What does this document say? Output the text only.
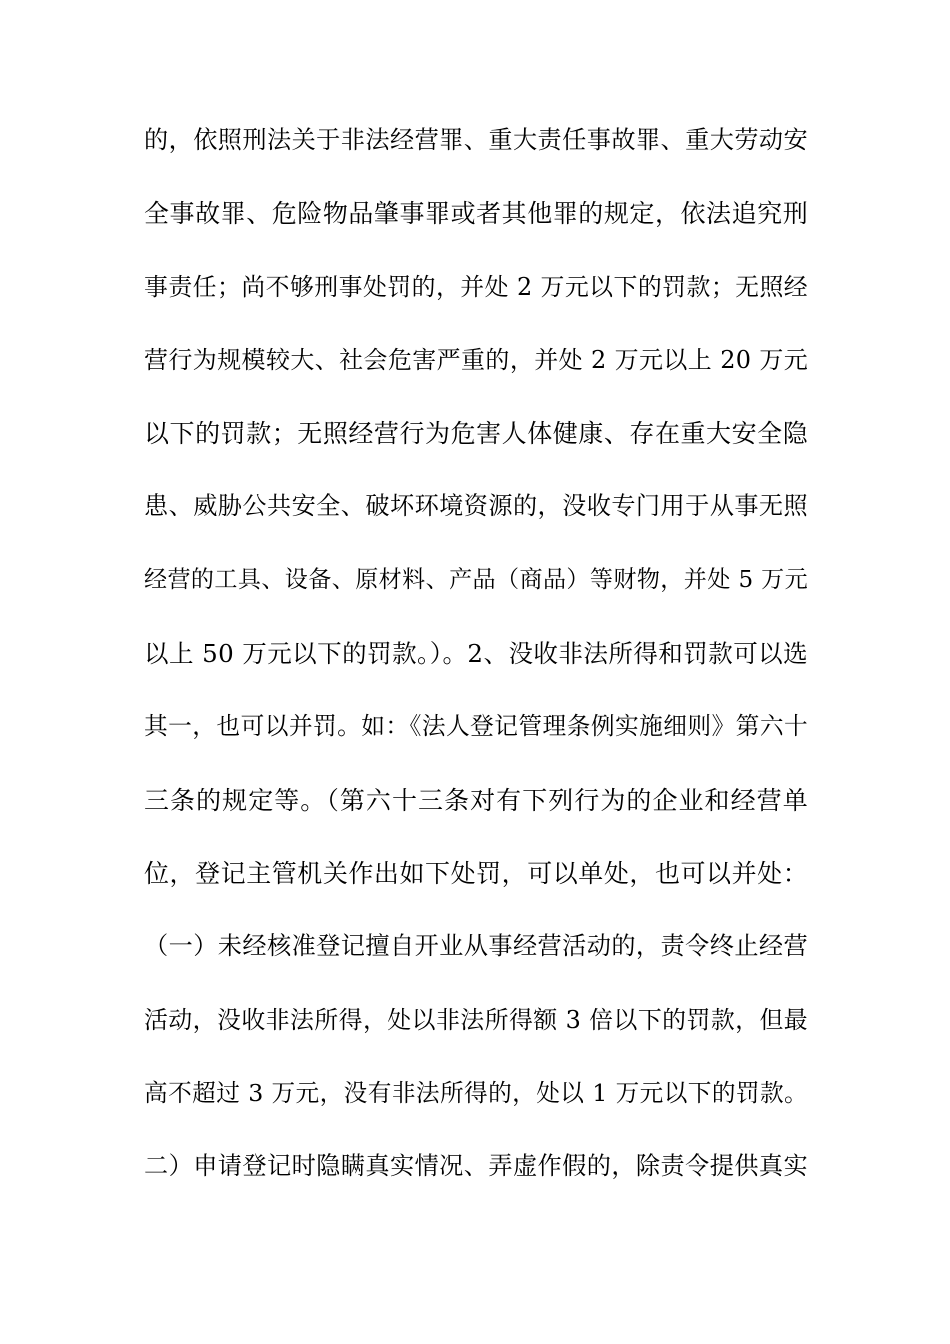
的，依照刑法关于非法经营罪、重大责任事故罪、重大劳动安
全事故罪、危险物品肇事罪或者其他罪的规定，依法追究刑
事责任；尚不够刑事处罚的，并处 2 万元以下的罚款；无照经
营行为规模较大、社会危害严重的，并处 2 万元以上 20 万元
以下的罚款；无照经营行为危害人体健康、存在重大安全隐
患、威胁公共安全、破坏环境资源的，没收专门用于从事无照
经营的工具、设备、原材料、产品（商品）等财物，并处 5 万元
以上 50 万元以下的罚款。）。2、没收非法所得和罚款可以选
其一，也可以并罚。如：《法人登记管理条例实施细则》第六十
三条的规定等。（第六十三条对有下列行为的企业和经营单
位，登记主管机关作出如下处罚，可以单处，也可以并处：
（一）未经核准登记擅自开业从事经营活动的，责令终止经营
活动，没收非法所得，处以非法所得额 3 倍以下的罚款，但最
高不超过 3 万元，没有非法所得的，处以 1 万元以下的罚款。
二）申请登记时隐瞒真实情况、弄虚作假的，除责令提供真实
